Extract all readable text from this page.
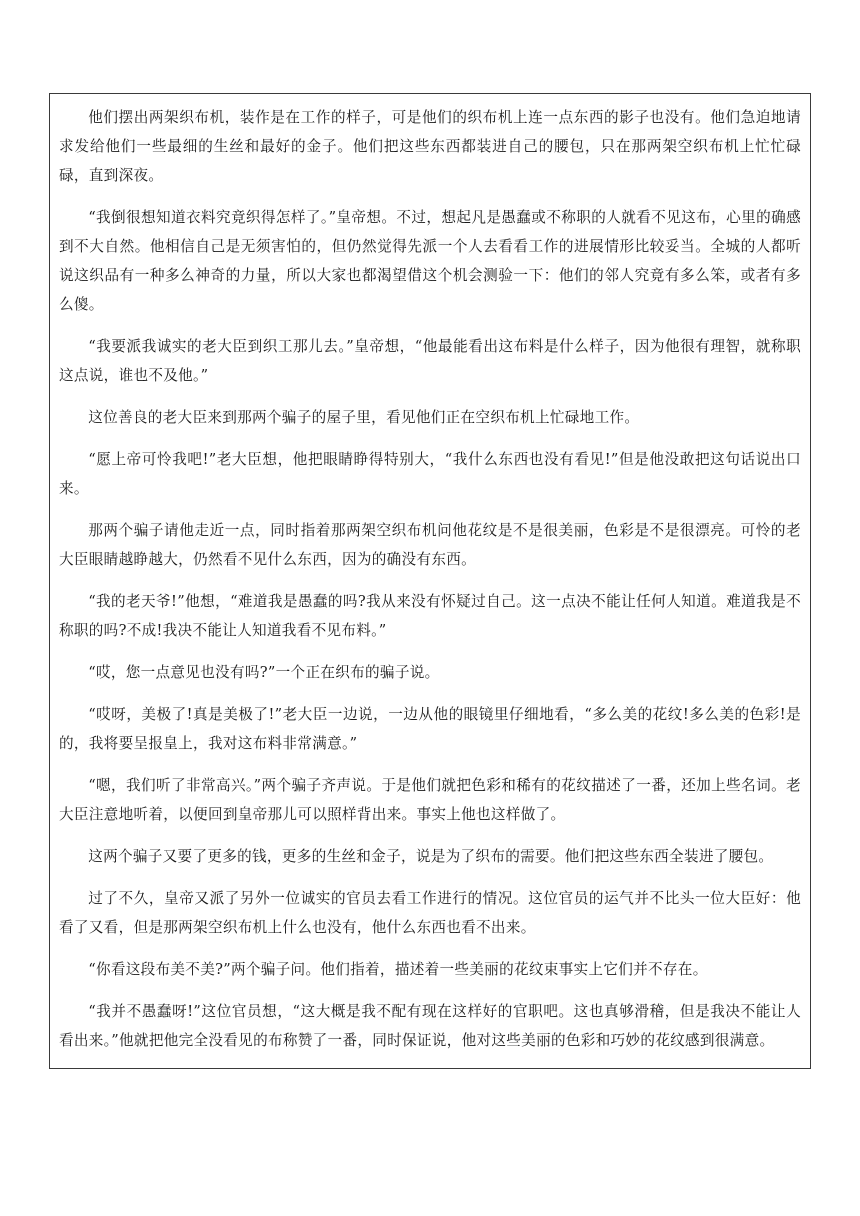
他们摆出两架织布机，装作是在工作的样子，可是他们的织布机上连一点东西的影子也没有。他们急迫地请求发给他们一些最细的生丝和最好的金子。他们把这些东西都装进自己的腰包，只在那两架空织布机上忙忙碌碌，直到深夜。

“我倒很想知道衣料究竟织得怎样了。”皇帝想。不过，想起凡是愚蠢或不称职的人就看不见这布，心里的确感到不大自然。他相信自己是无须害怕的，但仍然觉得先派一个人去看看工作的进展情形比较妥当。全城的人都听说这织品有一种多么神奇的力量，所以大家也都渴望借这个机会测验一下：他们的邻人究竟有多么笨，或者有多么傻。

“我要派我诚实的老大臣到织工那儿去。”皇帝想，“他最能看出这布料是什么样子，因为他很有理智，就称职这点说，谁也不及他。”

这位善良的老大臣来到那两个骗子的屋子里，看见他们正在空织布机上忙碌地工作。

“愿上帝可怜我吧!”老大臣想，他把眼睛睁得特别大，“我什么东西也没有看见!”但是他没敢把这句话说出口来。

那两个骗子请他走近一点，同时指着那两架空织布机问他花纹是不是很美丽，色彩是不是很漂亮。可怜的老大臣眼睛越睁越大，仍然看不见什么东西，因为的确没有东西。

“我的老天爷!”他想，“难道我是愚蠢的吗?我从来没有怀疑过自己。这一点决不能让任何人知道。难道我是不称职的吗?不成!我决不能让人知道我看不见布料。”

“哎，您一点意见也没有吗?”一个正在织布的骗子说。

“哎呀，美极了!真是美极了!”老大臣一边说，一边从他的眼镜里仔细地看，“多么美的花纹!多么美的色彩!是的，我将要呈报皇上，我对这布料非常满意。”

“嗯，我们听了非常高兴。”两个骗子齐声说。于是他们就把色彩和稀有的花纹描述了一番，还加上些名词。老大臣注意地听着，以便回到皇帝那儿可以照样背出来。事实上他也这样做了。

这两个骗子又要了更多的钱，更多的生丝和金子，说是为了织布的需要。他们把这些东西全装进了腰包。

过了不久，皇帝又派了另外一位诚实的官员去看工作进行的情况。这位官员的运气并不比头一位大臣好：他看了又看，但是那两架空织布机上什么也没有，他什么东西也看不出来。

“你看这段布美不美?”两个骗子问。他们指着，描述着一些美丽的花纹束事实上它们并不存在。

“我并不愚蠢呀!”这位官员想，“这大概是我不配有现在这样好的官职吧。这也真够滑稽，但是我决不能让人看出来。”他就把他完全没看见的布称赞了一番，同时保证说，他对这些美丽的色彩和巧妙的花纹感到很满意。
